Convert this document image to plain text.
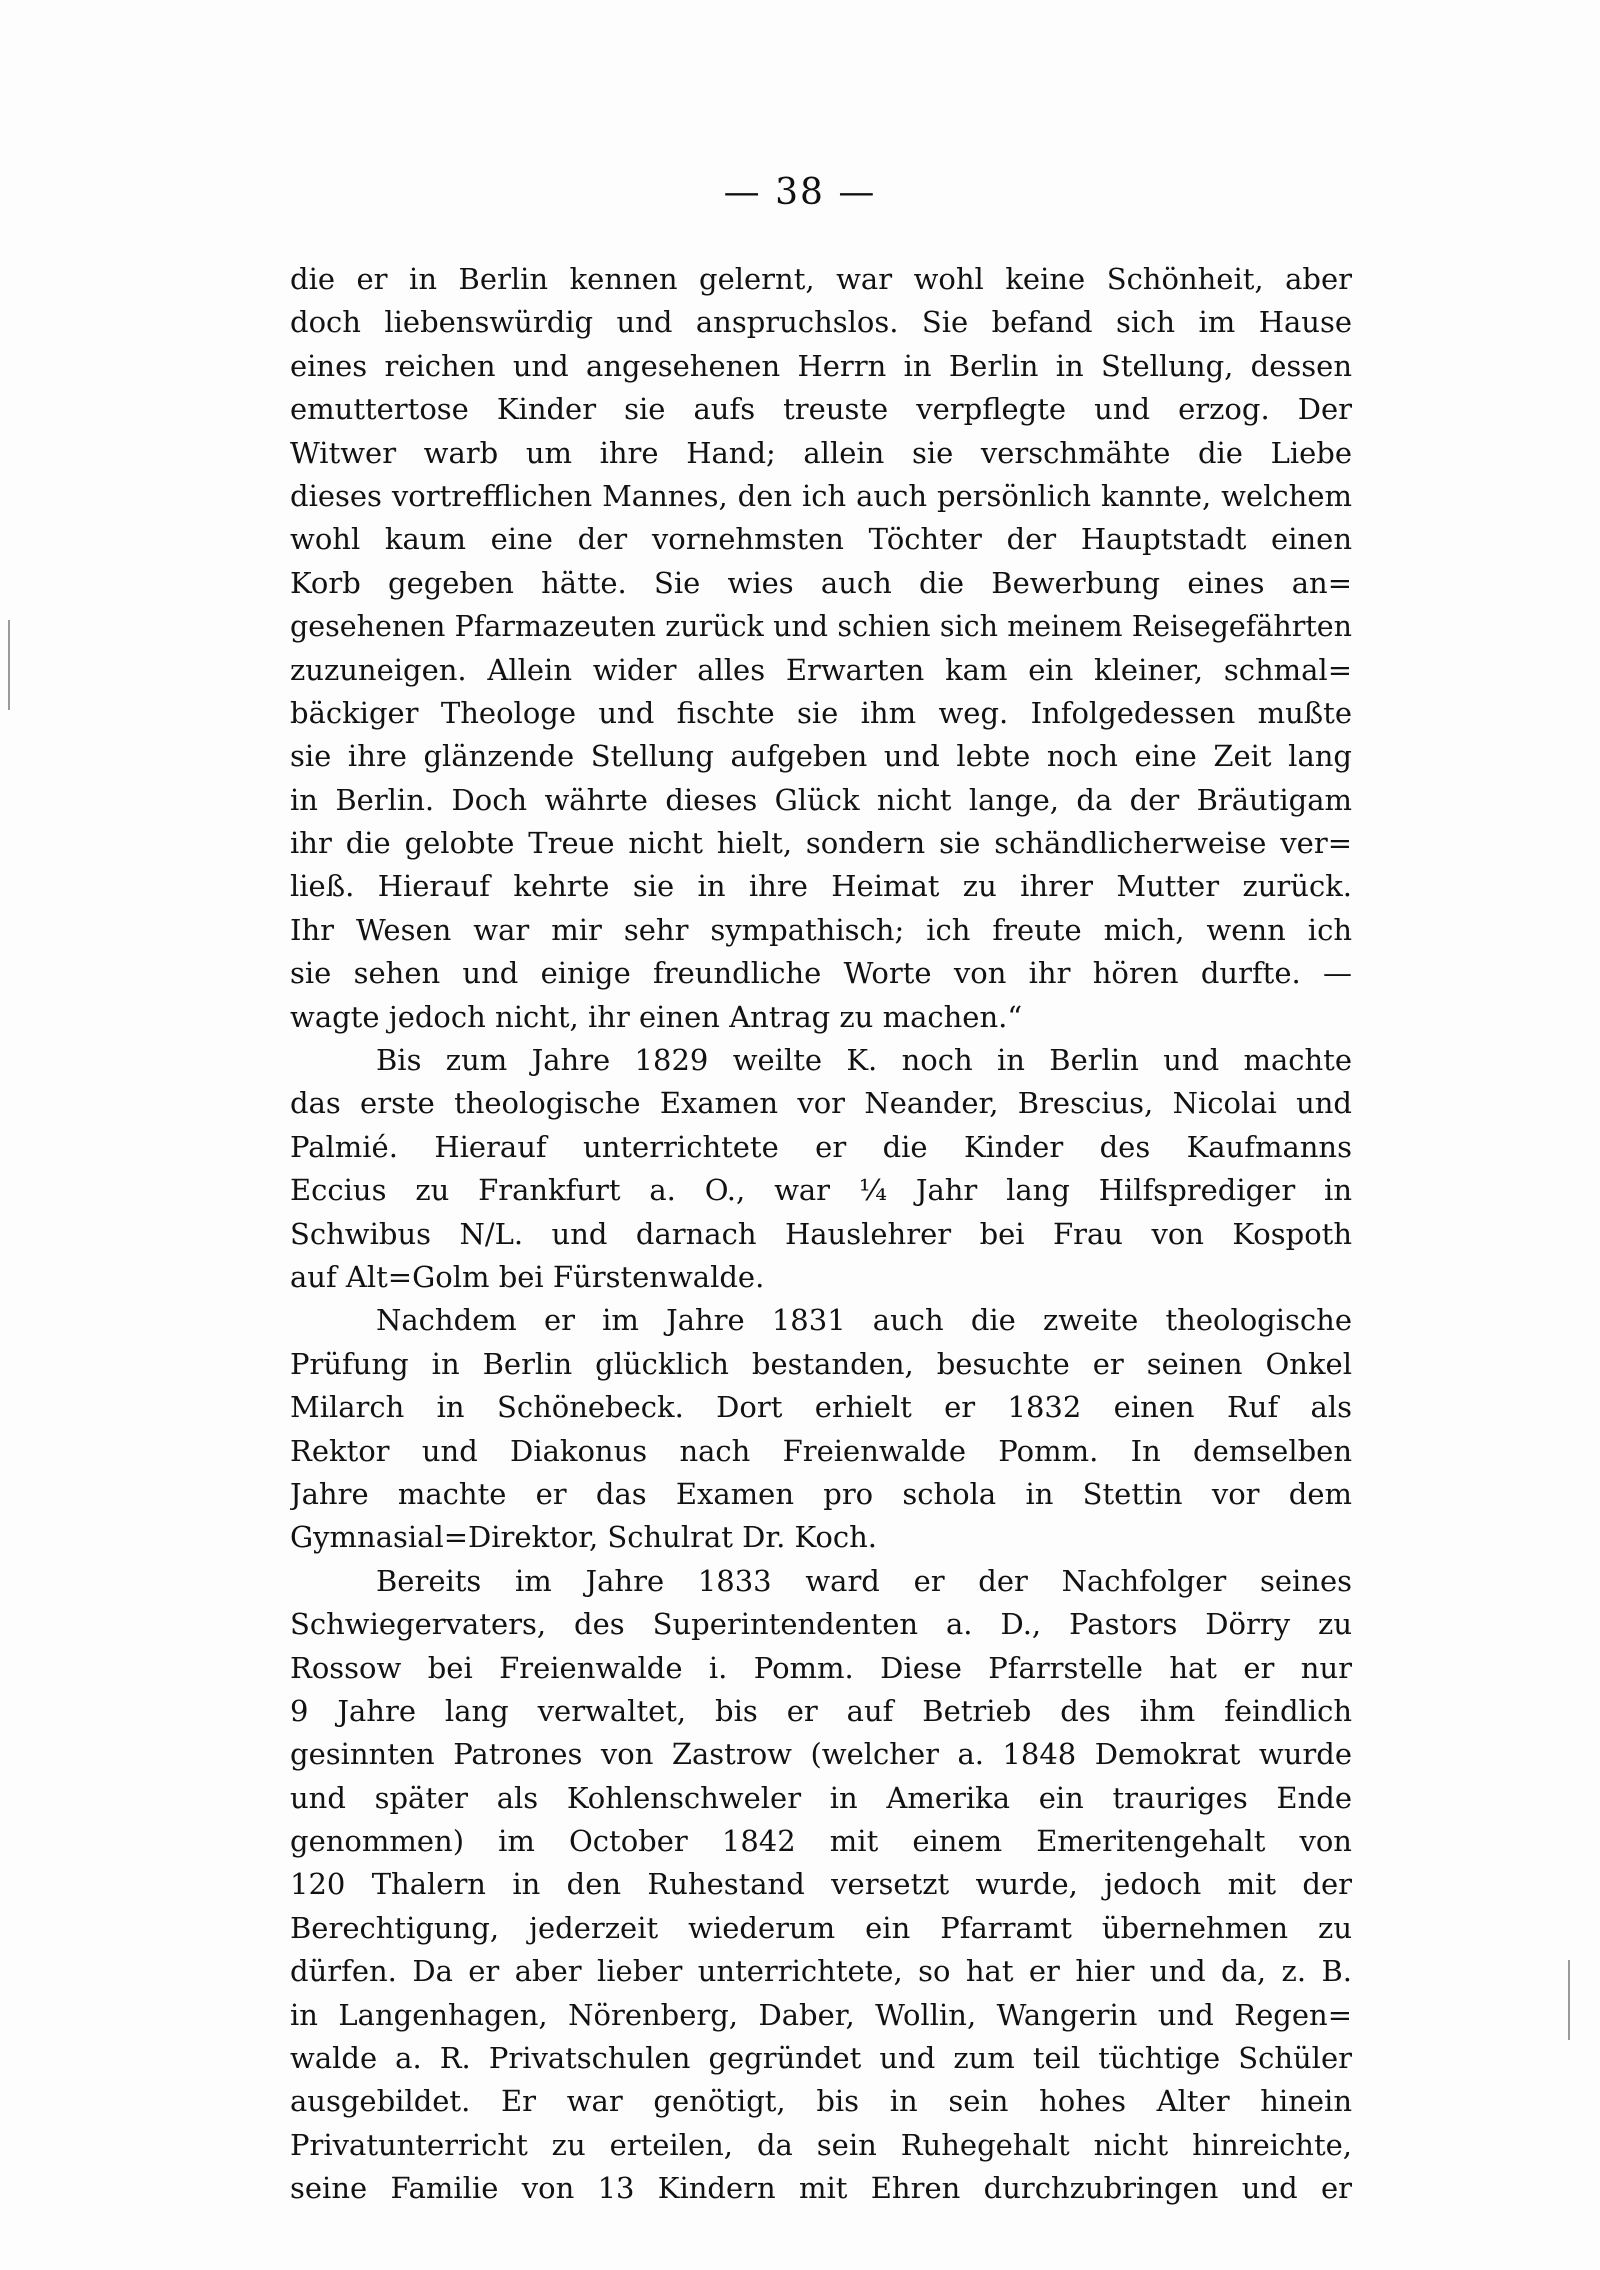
— 38 —
die er in Berlin kennen gelernt, war wohl keine Schönheit, aber
doch liebenswürdig und anspruchslos. Sie befand sich im Hause
eines reichen und angesehenen Herrn in Berlin in Stellung, dessen
emuttertose Kinder sie aufs treuste verpflegte und erzog. Der
Witwer warb um ihre Hand; allein sie verschmähte die Liebe
dieses vortrefflichen Mannes, den ich auch persönlich kannte, welchem
wohl kaum eine der vornehmsten Töchter der Hauptstadt einen
Korb gegeben hätte. Sie wies auch die Bewerbung eines an=
gesehenen Pfarmazeuten zurück und schien sich meinem Reisegefährten
zuzuneigen. Allein wider alles Erwarten kam ein kleiner, schmal=
bäckiger Theologe und fischte sie ihm weg. Infolgedessen mußte
sie ihre glänzende Stellung aufgeben und lebte noch eine Zeit lang
in Berlin. Doch währte dieses Glück nicht lange, da der Bräutigam
ihr die gelobte Treue nicht hielt, sondern sie schändlicherweise ver=
ließ. Hierauf kehrte sie in ihre Heimat zu ihrer Mutter zurück.
Ihr Wesen war mir sehr sympathisch; ich freute mich, wenn ich
sie sehen und einige freundliche Worte von ihr hören durfte. —
wagte jedoch nicht, ihr einen Antrag zu machen.“
Bis zum Jahre 1829 weilte K. noch in Berlin und machte
das erste theologische Examen vor Neander, Brescius, Nicolai und
Palmié. Hierauf unterrichtete er die Kinder des Kaufmanns
Eccius zu Frankfurt a. O., war ¼ Jahr lang Hilfsprediger in
Schwibus N/L. und darnach Hauslehrer bei Frau von Kospoth
auf Alt=Golm bei Fürstenwalde.
Nachdem er im Jahre 1831 auch die zweite theologische
Prüfung in Berlin glücklich bestanden, besuchte er seinen Onkel
Milarch in Schönebeck. Dort erhielt er 1832 einen Ruf als
Rektor und Diakonus nach Freienwalde Pomm. In demselben
Jahre machte er das Examen pro schola in Stettin vor dem
Gymnasial=Direktor, Schulrat Dr. Koch.
Bereits im Jahre 1833 ward er der Nachfolger seines
Schwiegervaters, des Superintendenten a. D., Pastors Dörry zu
Rossow bei Freienwalde i. Pomm. Diese Pfarrstelle hat er nur
9 Jahre lang verwaltet, bis er auf Betrieb des ihm feindlich
gesinnten Patrones von Zastrow (welcher a. 1848 Demokrat wurde
und später als Kohlenschweler in Amerika ein trauriges Ende
genommen) im October 1842 mit einem Emeritengehalt von
120 Thalern in den Ruhestand versetzt wurde, jedoch mit der
Berechtigung, jederzeit wiederum ein Pfarramt übernehmen zu
dürfen. Da er aber lieber unterrichtete, so hat er hier und da, z. B.
in Langenhagen, Nörenberg, Daber, Wollin, Wangerin und Regen=
walde a. R. Privatschulen gegründet und zum teil tüchtige Schüler
ausgebildet. Er war genötigt, bis in sein hohes Alter hinein
Privatunterricht zu erteilen, da sein Ruhegehalt nicht hinreichte,
seine Familie von 13 Kindern mit Ehren durchzubringen und er
